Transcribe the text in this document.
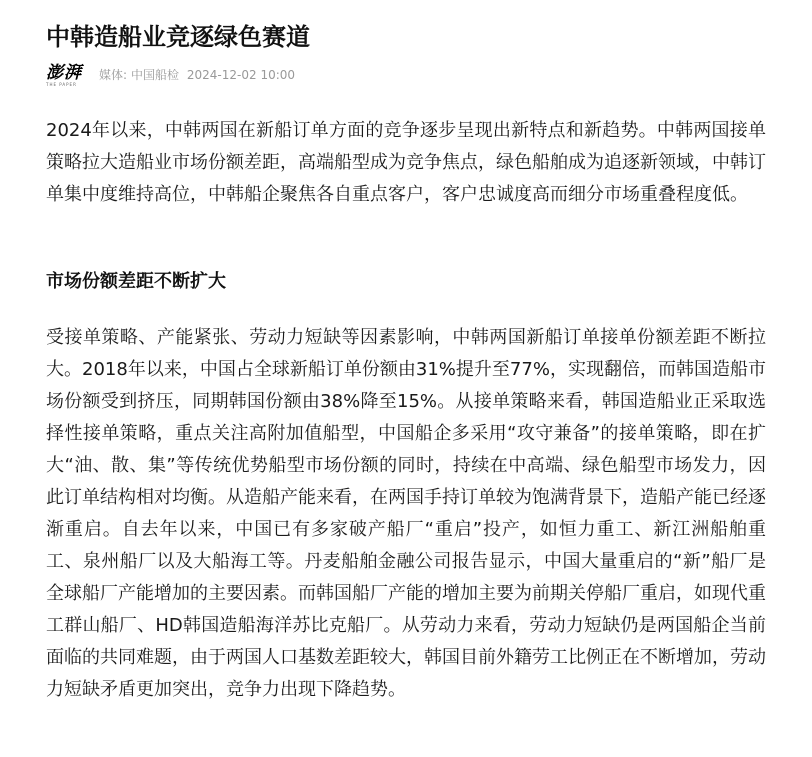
中韩造船业竞逐绿色赛道
澎湃
THE PAPER
媒体: 中国船检 2024-12-02 10:00

2024年以来，中韩两国在新船订单方面的竞争逐步呈现出新特点和新趋势。中韩两国接单策略拉大造船业市场份额差距，高端船型成为竞争焦点，绿色船舶成为追逐新领域，中韩订单集中度维持高位，中韩船企聚焦各自重点客户，客户忠诚度高而细分市场重叠程度低。

市场份额差距不断扩大

受接单策略、产能紧张、劳动力短缺等因素影响，中韩两国新船订单接单份额差距不断拉大。2018年以来，中国占全球新船订单份额由31%提升至77%，实现翻倍，而韩国造船市场份额受到挤压，同期韩国份额由38%降至15%。从接单策略来看，韩国造船业正采取选择性接单策略，重点关注高附加值船型，中国船企多采用“攻守兼备”的接单策略，即在扩大“油、散、集”等传统优势船型市场份额的同时，持续在中高端、绿色船型市场发力，因此订单结构相对均衡。从造船产能来看，在两国手持订单较为饱满背景下，造船产能已经逐渐重启。自去年以来，中国已有多家破产船厂“重启”投产，如恒力重工、新江洲船舶重工、泉州船厂以及大船海工等。丹麦船舶金融公司报告显示，中国大量重启的“新”船厂是全球船厂产能增加的主要因素。而韩国船厂产能的增加主要为前期关停船厂重启，如现代重工群山船厂、HD韩国造船海洋苏比克船厂。从劳动力来看，劳动力短缺仍是两国船企当前面临的共同难题，由于两国人口基数差距较大，韩国目前外籍劳工比例正在不断增加，劳动力短缺矛盾更加突出，竞争力出现下降趋势。
